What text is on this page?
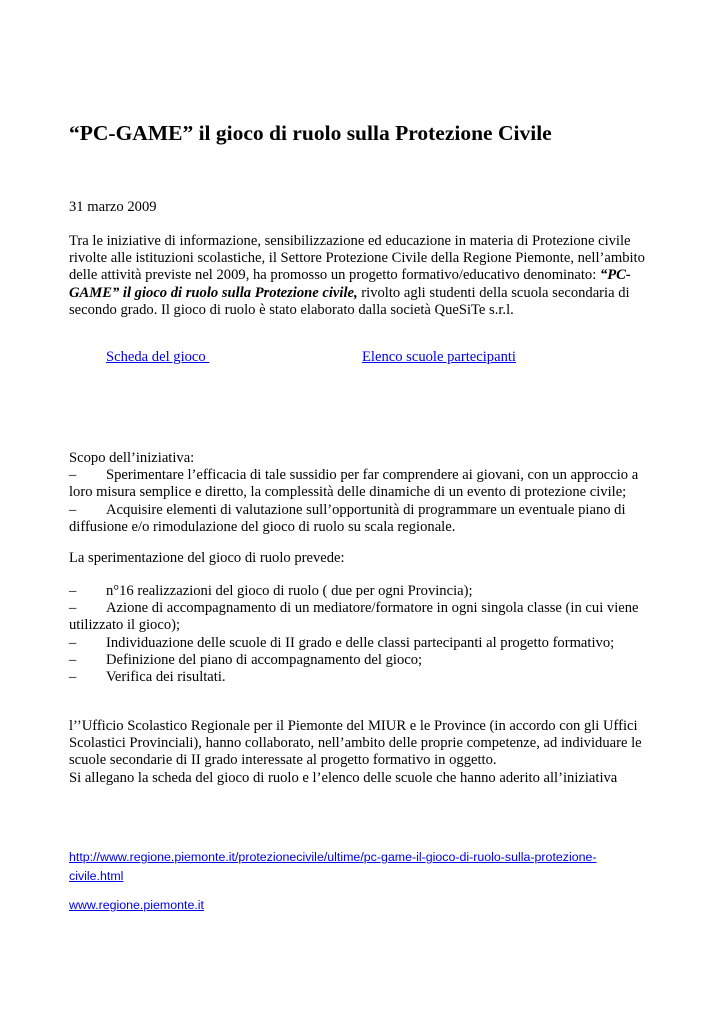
“PC-GAME” il gioco di ruolo sulla Protezione Civile
31 marzo 2009
Tra le iniziative di informazione, sensibilizzazione ed educazione in materia di Protezione civile
rivolte alle istituzioni scolastiche, il Settore Protezione Civile della Regione Piemonte, nell’ambito
delle attività previste nel 2009, ha promosso un progetto formativo/educativo denominato: “PC-
GAME” il gioco di ruolo sulla Protezione civile, rivolto agli studenti della scuola secondaria di
secondo grado. Il gioco di ruolo è stato elaborato dalla società QueSiTe s.r.l.
Scheda del gioco	Elenco scuole partecipanti
Scopo dell’iniziativa:
– Sperimentare l’efficacia di tale sussidio per far comprendere ai giovani, con un approccio a
loro misura semplice e diretto, la complessità delle dinamiche di un evento di protezione civile;
– Acquisire elementi di valutazione sull’opportunità di programmare un eventuale piano di
diffusione e/o rimodulazione del gioco di ruolo su scala regionale.
La sperimentazione del gioco di ruolo prevede:
– n°16 realizzazioni del gioco di ruolo ( due per ogni Provincia);
– Azione di accompagnamento di un mediatore/formatore in ogni singola classe (in cui viene
utilizzato il gioco);
– Individuazione delle scuole di II grado e delle classi partecipanti al progetto formativo;
– Definizione del piano di accompagnamento del gioco;
– Verifica dei risultati.
l’’Ufficio Scolastico Regionale per il Piemonte del MIUR e le Province (in accordo con gli Uffici
Scolastici Provinciali), hanno collaborato, nell’ambito delle proprie competenze, ad individuare le
scuole secondarie di II grado interessate al progetto formativo in oggetto.
Si allegano la scheda del gioco di ruolo e l’elenco delle scuole che hanno aderito all’iniziativa
http://www.regione.piemonte.it/protezionecivile/ultime/pc-game-il-gioco-di-ruolo-sulla-protezione-
civile.html
www.regione.piemonte.it
